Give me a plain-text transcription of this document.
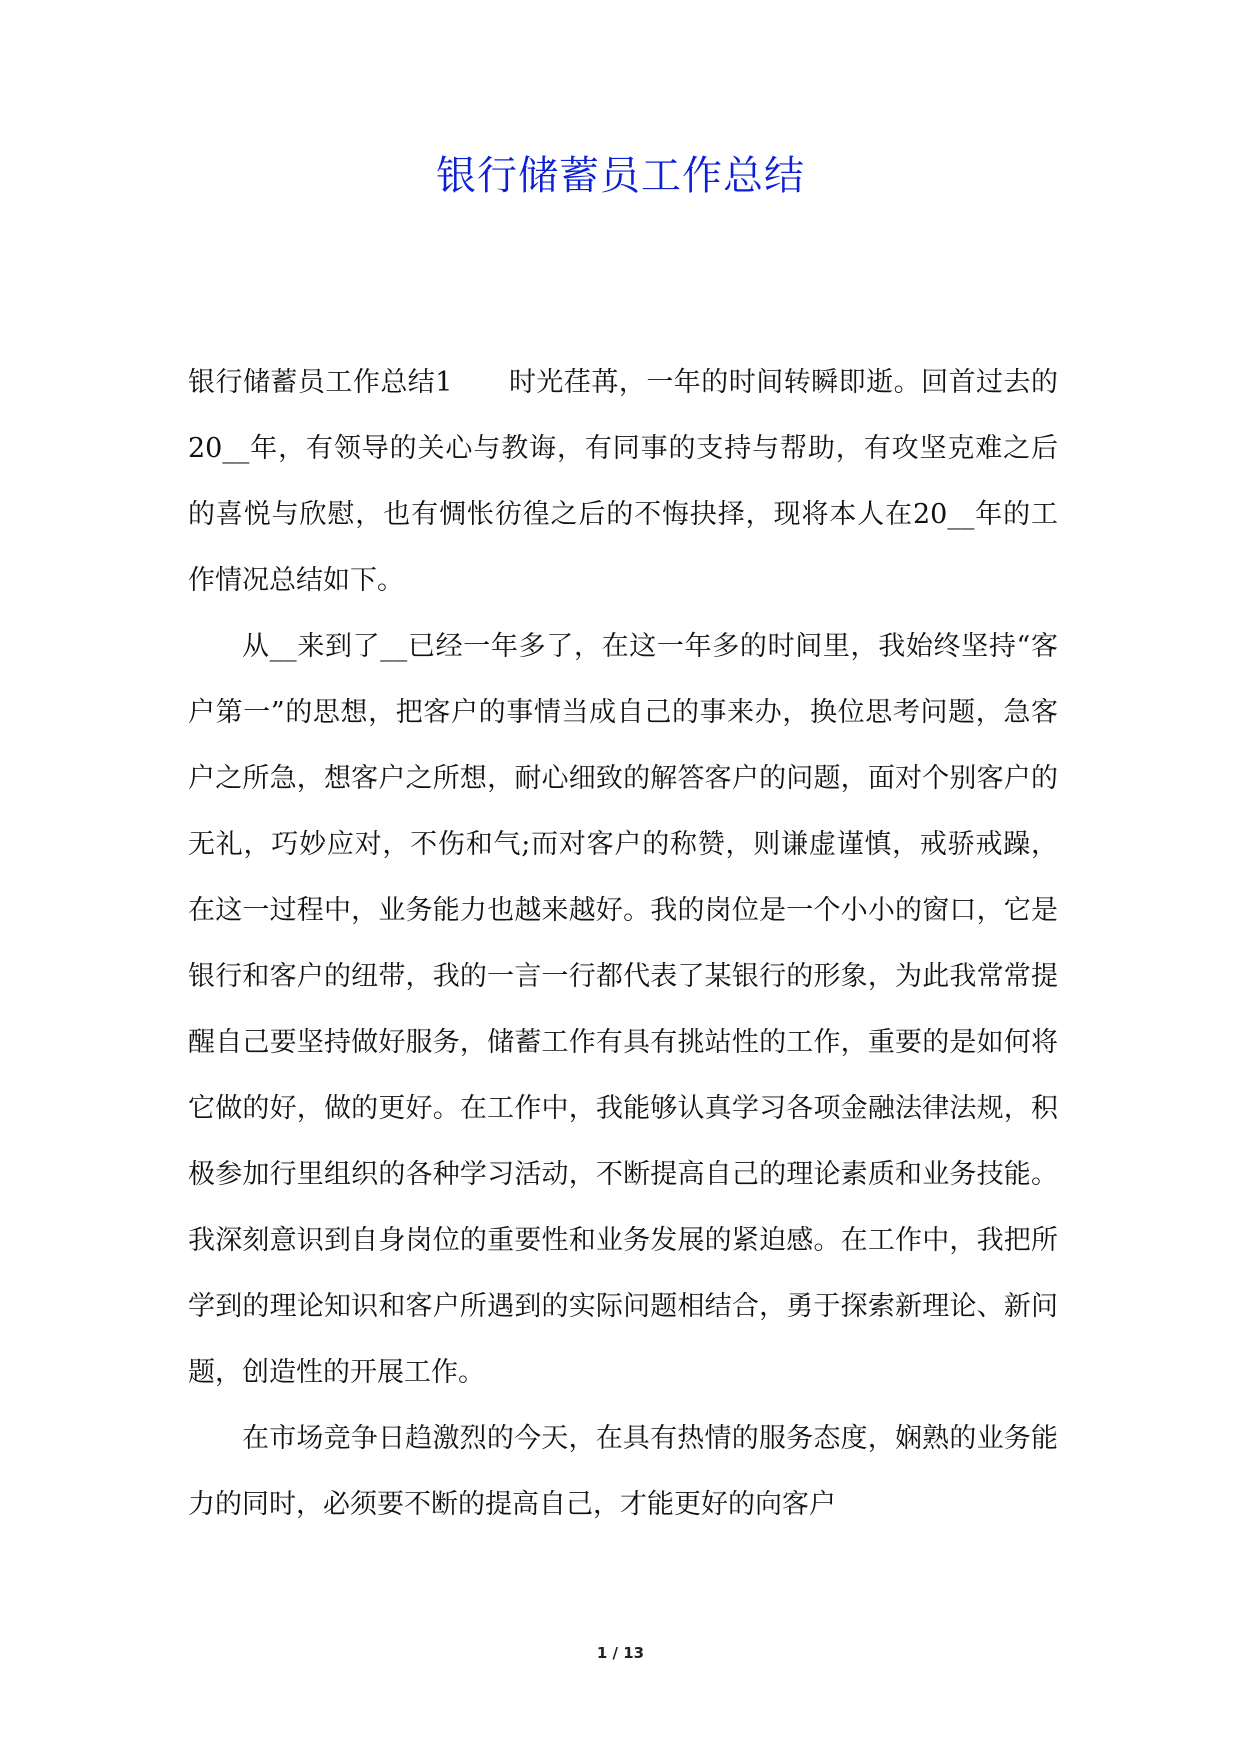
银行储蓄员工作总结

银行储蓄员工作总结1 时光荏苒，一年的时间转瞬即逝。回首过去的20__年，有领导的关心与教诲，有同事的支持与帮助，有攻坚克难之后的喜悦与欣慰，也有惆怅彷徨之后的不悔抉择，现将本人在20__年的工作情况总结如下。

从__来到了__已经一年多了，在这一年多的时间里，我始终坚持“客户第一”的思想，把客户的事情当成自己的事来办，换位思考问题，急客户之所急，想客户之所想，耐心细致的解答客户的问题，面对个别客户的无礼，巧妙应对，不伤和气;而对客户的称赞，则谦虚谨慎，戒骄戒躁，在这一过程中，业务能力也越来越好。我的岗位是一个小小的窗口，它是银行和客户的纽带，我的一言一行都代表了某银行的形象，为此我常常提醒自己要坚持做好服务，储蓄工作有具有挑站性的工作，重要的是如何将它做的好，做的更好。在工作中，我能够认真学习各项金融法律法规，积极参加行里组织的各种学习活动，不断提高自己的理论素质和业务技能。我深刻意识到自身岗位的重要性和业务发展的紧迫感。在工作中，我把所学到的理论知识和客户所遇到的实际问题相结合，勇于探索新理论、新问题，创造性的开展工作。

在市场竞争日趋激烈的今天，在具有热情的服务态度，娴熟的业务能力的同时，必须要不断的提高自己，才能更好的向客户

1 / 13
